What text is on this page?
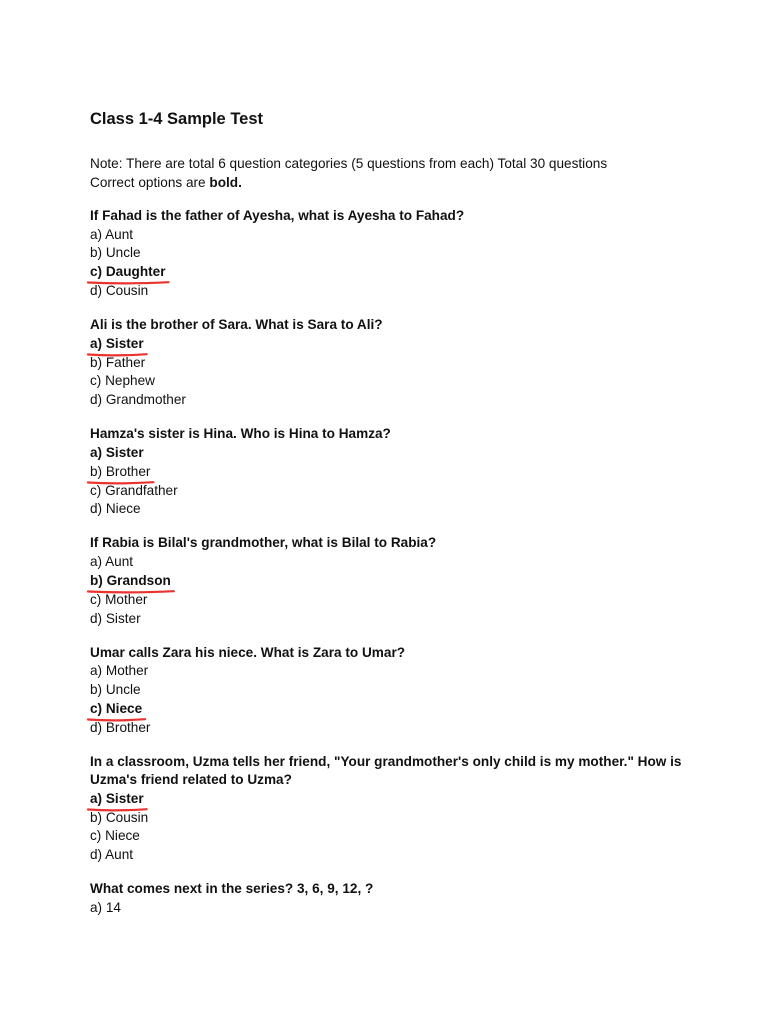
Class 1-4 Sample Test

Note: There are total 6 question categories (5 questions from each) Total 30 questions

Correct options are bold.

If Fahad is the father of Ayesha, what is Ayesha to Fahad?

a) Aunt

b) Uncle

c) Daughter

d) Cousin

Ali is the brother of Sara. What is Sara to Ali?

a) Sister

b) Father

c) Nephew

d) Grandmother

Hamza's sister is Hina. Who is Hina to Hamza?

a) Sister

b) Brother

c) Grandfather

d) Niece

If Rabia is Bilal's grandmother, what is Bilal to Rabia?

a) Aunt

b) Grandson

c) Mother

d) Sister

Umar calls Zara his niece. What is Zara to Umar?

a) Mother

b) Uncle

c) Niece

d) Brother

In a classroom, Uzma tells her friend, "Your grandmother's only child is my mother." How is Uzma's friend related to Uzma?

a) Sister

b) Cousin

c) Niece

d) Aunt

What comes next in the series? 3, 6, 9, 12, ?

a) 14
